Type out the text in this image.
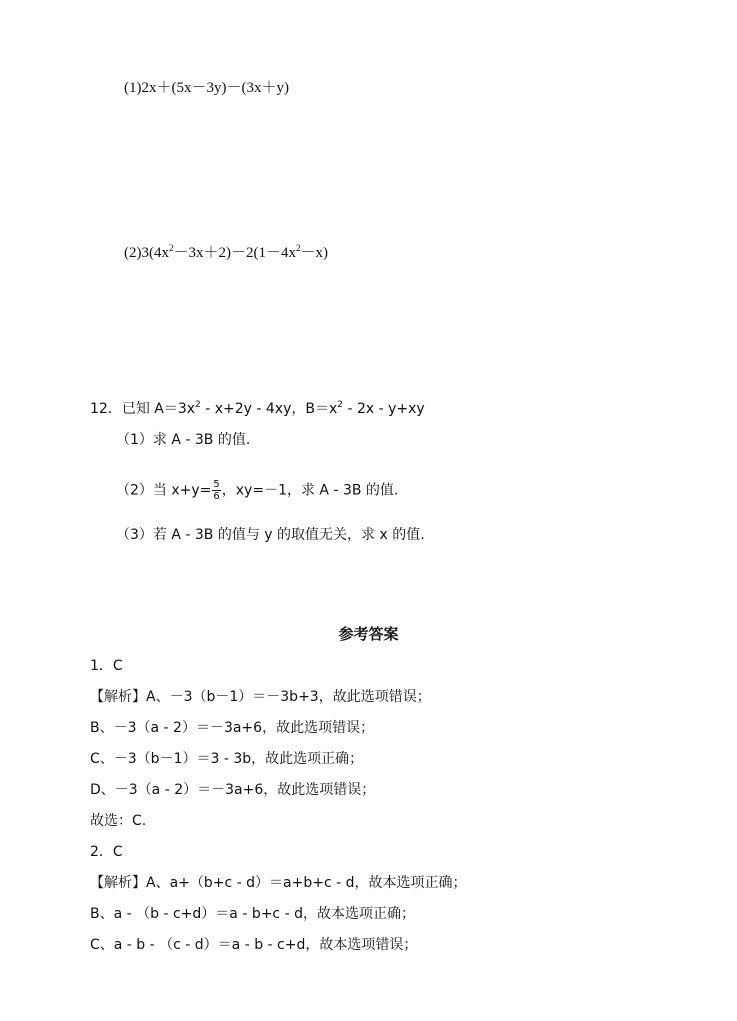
(1)2x＋(5x－3y)－(3x＋y)
$(2)3(4x^2-3x+2)-2(1-4x^2-x)$
12．已知 $A=3x^2 - x+2y - 4xy$，$B=x^2 - 2x - y+xy$
（1）求 A - 3B 的值.
（2）当 $x+y= \frac{5}{6}$ ，xy=－1，求 A - 3B 的值.
（3）若 A - 3B 的值与 y 的取值无关，求 x 的值.
参考答案
1．C
【解析】A、－3（b－1）＝－3b+3，故此选项错误；
B、－3（a - 2）＝－3a+6，故此选项错误；
C、－3（b－1）＝3 - 3b，故此选项正确；
D、－3（a - 2）＝－3a+6，故此选项错误；
故选：C.
2．C
【解析】A、a+（b+c - d）＝a+b+c - d，故本选项正确；
B、a - （b - c+d）＝a - b+c - d，故本选项正确；
C、a - b - （c - d）＝a - b - c+d，故本选项错误；
